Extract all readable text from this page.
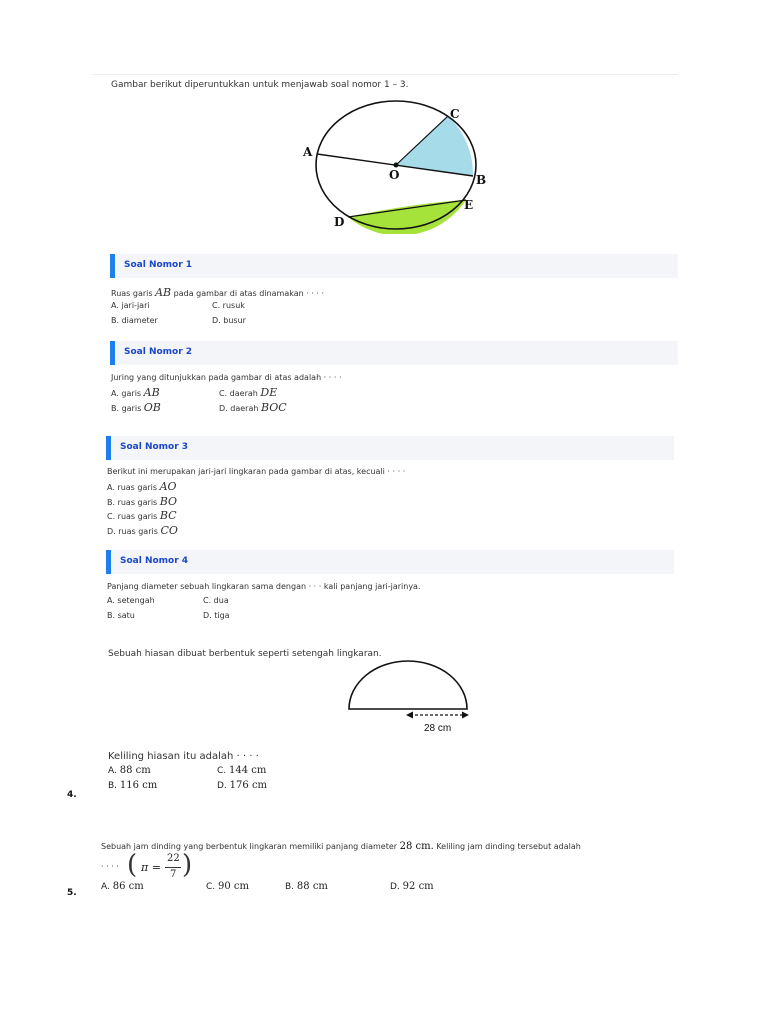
Gambar berikut diperuntukkan untuk menjawab soal nomor 1 – 3.
A
B
C
D
E
O
Soal Nomor 1
Ruas garis AB pada gambar di atas dinamakan · · · ·
A. jari-jari	C. rusuk
B. diameter	D. busur
Soal Nomor 2
Juring yang ditunjukkan pada gambar di atas adalah · · · ·
A. garis AB	C. daerah DE
B. garis OB	D. daerah BOC
Soal Nomor 3
Berikut ini merupakan jari-jari lingkaran pada gambar di atas, kecuali · · · ·
A. ruas garis AO
B. ruas garis BO
C. ruas garis BC
D. ruas garis CO
Soal Nomor 4
Panjang diameter sebuah lingkaran sama dengan · · · kali panjang jari-jarinya.
A. setengah	C. dua
B. satu	D. tiga
Sebuah hiasan dibuat berbentuk seperti setengah lingkaran.
28 cm
Keliling hiasan itu adalah · · · ·
A. 88 cm	C. 144 cm
B. 116 cm	D. 176 cm
4.
Sebuah jam dinding yang berbentuk lingkaran memiliki panjang diameter 28 cm. Keliling jam dinding tersebut adalah
· · · · ( π =
22
7 )
A. 86 cm	C. 90 cm	B. 88 cm	D. 92 cm
5.
